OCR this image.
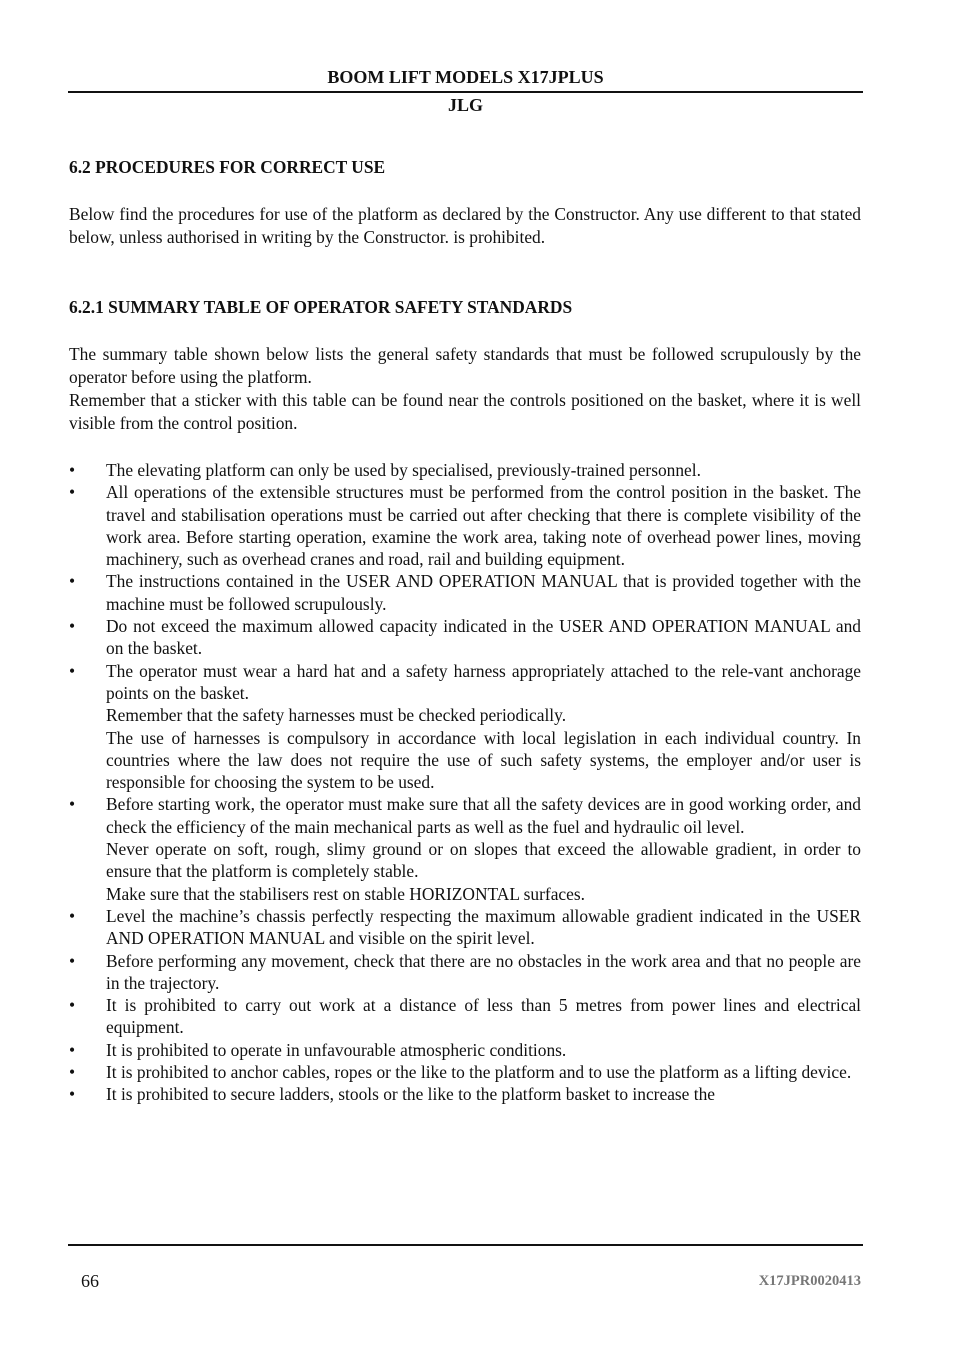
BOOM LIFT MODELS X17JPLUS
JLG
6.2 PROCEDURES FOR CORRECT USE

Below find the procedures for use of the platform as declared by the Constructor. Any use different to that stated below, unless authorised in writing by the Constructor. is prohibited.

6.2.1 SUMMARY TABLE OF OPERATOR SAFETY STANDARDS

The summary table shown below lists the general safety standards that must be followed scrupulously by the operator before using the platform.

Remember that a sticker with this table can be found near the controls positioned on the basket, where it is well visible from the control position.

•	The elevating platform can only be used by specialised, previously-trained personnel.
•	All operations of the extensible structures must be performed from the control position in the basket. The travel and stabilisation operations must be carried out after checking that there is complete visibility of the work area. Before starting operation, examine the work area, taking note of overhead power lines, moving machinery, such as overhead cranes and road, rail and building equipment.
•	The instructions contained in the USER AND OPERATION MANUAL that is provided together with the machine must be followed scrupulously.
•	Do not exceed the maximum allowed capacity indicated in the USER AND OPERATION MANUAL and on the basket.
•	The operator must wear a hard hat and a safety harness appropriately attached to the rele-vant anchorage points on the basket.
Remember that the safety harnesses must be checked periodically.
The use of harnesses is compulsory in accordance with local legislation in each individual country. In countries where the law does not require the use of such safety systems, the employer and/or user is responsible for choosing the system to be used.
•	Before starting work, the operator must make sure that all the safety devices are in good working order, and check the efficiency of the main mechanical parts as well as the fuel and hydraulic oil level.
Never operate on soft, rough, slimy ground or on slopes that exceed the allowable gradient, in order to ensure that the platform is completely stable.
Make sure that the stabilisers rest on stable HORIZONTAL surfaces.
•	Level the machine’s chassis perfectly respecting the maximum allowable gradient indicated in the USER AND OPERATION MANUAL and visible on the spirit level.
•	Before performing any movement, check that there are no obstacles in the work area and that no people are in the trajectory.
•	It is prohibited to carry out work at a distance of less than 5 metres from power lines and electrical equipment.
•	It is prohibited to operate in unfavourable atmospheric conditions.
•	It is prohibited to anchor cables, ropes or the like to the platform and to use the platform as a lifting device.
•	It is prohibited to secure ladders, stools or the like to the platform basket to increase the
66	X17JPR0020413
